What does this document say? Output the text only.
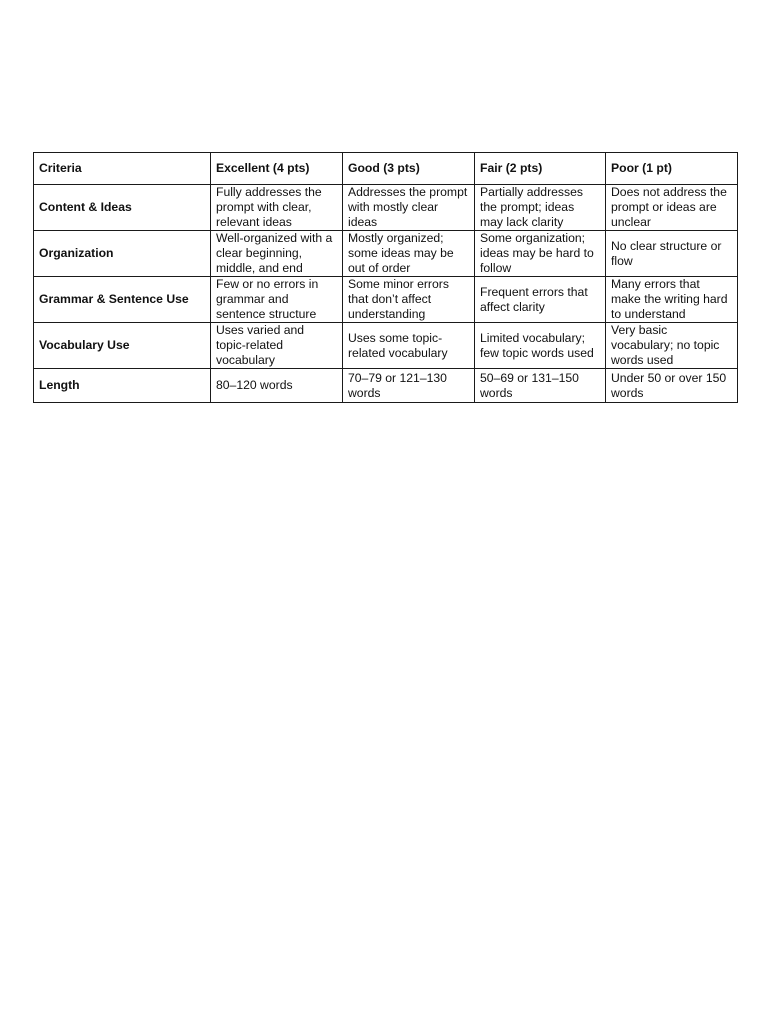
Criteria	Excellent (4 pts)	Good (3 pts)	Fair (2 pts)	Poor (1 pt)
Content & Ideas	Fully addresses the prompt with clear, relevant ideas	Addresses the prompt with mostly clear ideas	Partially addresses the prompt; ideas may lack clarity	Does not address the prompt or ideas are unclear
Organization	Well-organized with a clear beginning, middle, and end	Mostly organized; some ideas may be out of order	Some organization; ideas may be hard to follow	No clear structure or flow
Grammar & Sentence Use	Few or no errors in grammar and sentence structure	Some minor errors that don’t affect understanding	Frequent errors that affect clarity	Many errors that make the writing hard to understand
Vocabulary Use	Uses varied and topic-related vocabulary	Uses some topic-related vocabulary	Limited vocabulary; few topic words used	Very basic vocabulary; no topic words used
Length	80–120 words	70–79 or 121–130 words	50–69 or 131–150 words	Under 50 or over 150 words
